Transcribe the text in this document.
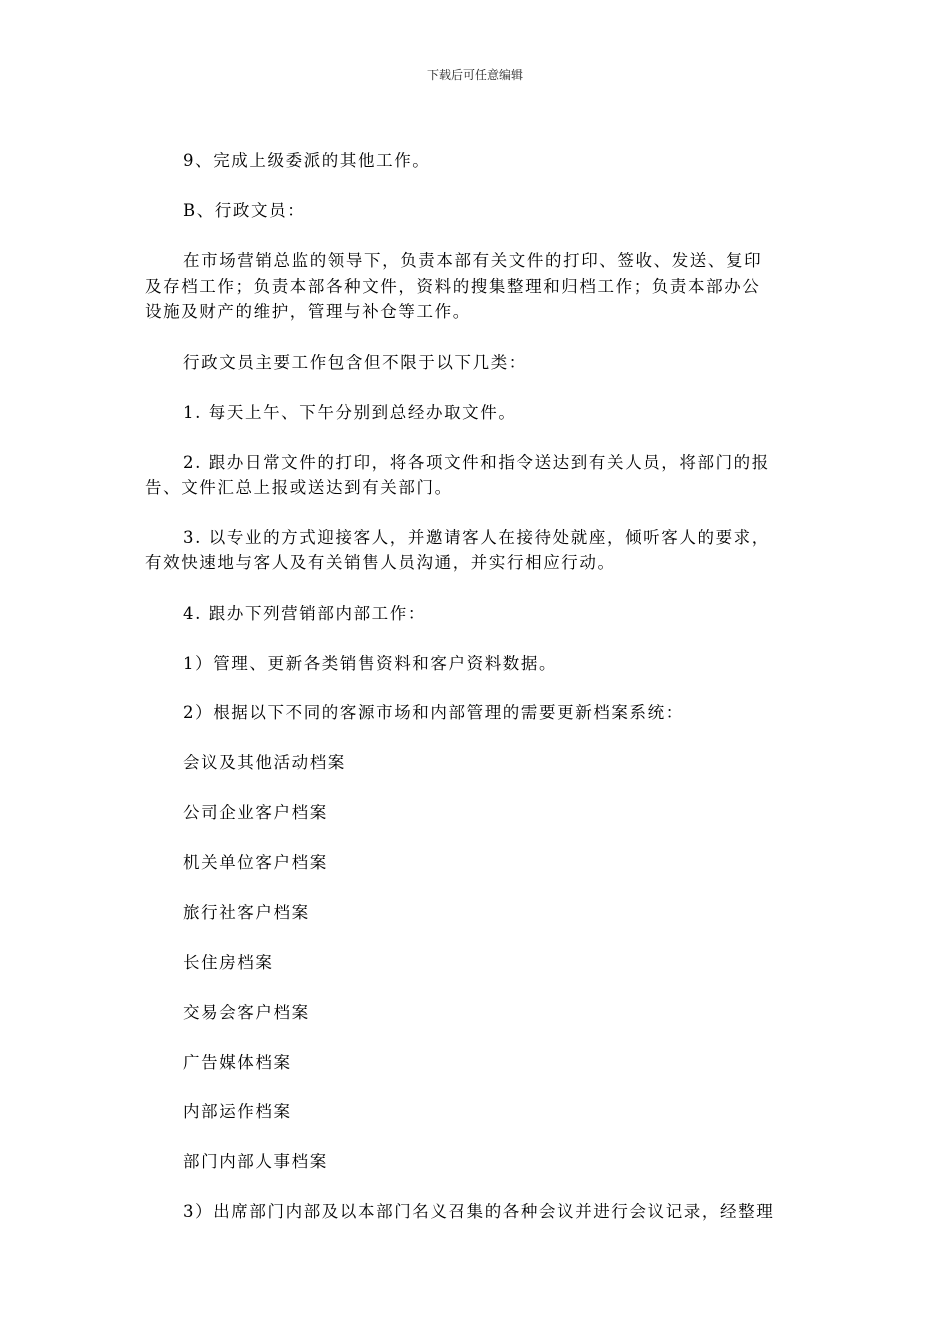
下载后可任意编辑
9、完成上级委派的其他工作。
B、行政文员：
在市场营销总监的领导下，负责本部有关文件的打印、签收、发送、复印
及存档工作；负责本部各种文件，资料的搜集整理和归档工作；负责本部办公
设施及财产的维护，管理与补仓等工作。
行政文员主要工作包含但不限于以下几类：
1. 每天上午、下午分别到总经办取文件。
2. 跟办日常文件的打印，将各项文件和指令送达到有关人员，将部门的报
告、文件汇总上报或送达到有关部门。
3. 以专业的方式迎接客人，并邀请客人在接待处就座，倾听客人的要求，
有效快速地与客人及有关销售人员沟通，并实行相应行动。
4. 跟办下列营销部内部工作：
1）管理、更新各类销售资料和客户资料数据。
2）根据以下不同的客源市场和内部管理的需要更新档案系统：
会议及其他活动档案
公司企业客户档案
机关单位客户档案
旅行社客户档案
长住房档案
交易会客户档案
广告媒体档案
内部运作档案
部门内部人事档案
3）出席部门内部及以本部门名义召集的各种会议并进行会议记录，经整理
